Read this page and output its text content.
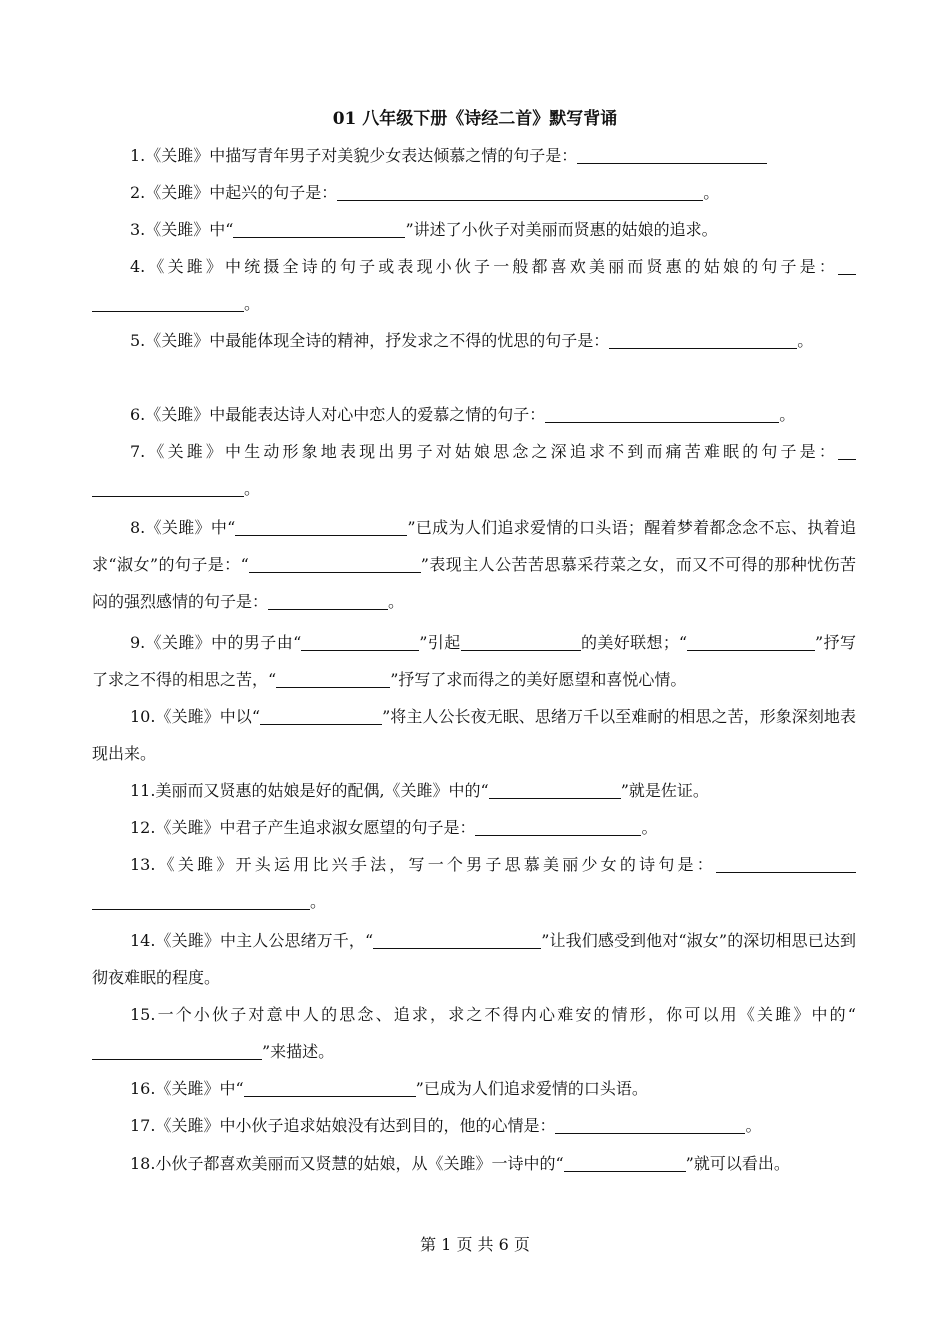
01 八年级下册《诗经二首》默写背诵
1.《关雎》中描写青年男子对美貌少女表达倾慕之情的句子是：
2.《关雎》中起兴的句子是：	。
3.《关雎》中“	”讲述了小伙子对美丽而贤惠的姑娘的追求。
4.《关雎》中统摄全诗的句子或表现小伙子一般都喜欢美丽而贤惠的姑娘的句子是：。
5.《关雎》中最能体现全诗的精神，抒发求之不得的忧思的句子是：	。
6.《关雎》中最能表达诗人对心中恋人的爱慕之情的句子：	。
7.《关雎》中生动形象地表现出男子对姑娘思念之深追求不到而痛苦难眠的句子是：。
8.《关雎》中“	”已成为人们追求爱情的口头语；醒着梦着都念念不忘、执着追求“淑女”的句子是：“	”表现主人公苦苦思慕采荇菜之女，而又不可得的那种忧伤苦闷的强烈感情的句子是：	。
9.《关雎》中的男子由“	”引起	的美好联想；“	”抒写了求之不得的相思之苦，“	”抒写了求而得之的美好愿望和喜悦心情。
10.《关雎》中以“	”将主人公长夜无眠、思绪万千以至难耐的相思之苦，形象深刻地表现出来。
11.美丽而又贤惠的姑娘是好的配偶,《关雎》中的“	”就是佐证。
12.《关雎》中君子产生追求淑女愿望的句子是：	。
13.《关雎》开头运用比兴手法，写一个男子思慕美丽少女的诗句是：。
14.《关雎》中主人公思绪万千，“	”让我们感受到他对“淑女”的深切相思已达到彻夜难眠的程度。
15.一个小伙子对意中人的思念、追求，求之不得内心难安的情形，你可以用《关雎》中的“”来描述。
16.《关雎》中“	”已成为人们追求爱情的口头语。
17.《关雎》中小伙子追求姑娘没有达到目的，他的心情是：	。
18.小伙子都喜欢美丽而又贤慧的姑娘，从《关雎》一诗中的“	”就可以看出。
第 1 页 共 6 页
